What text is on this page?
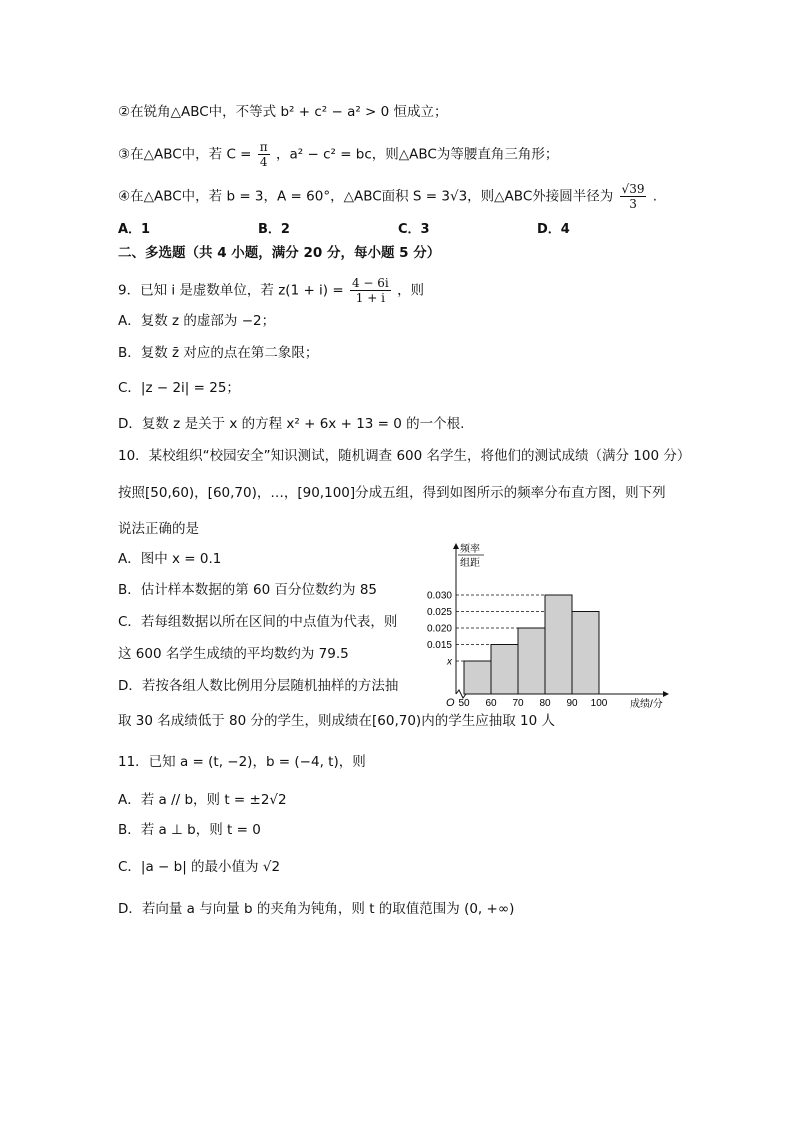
②在锐角△ABC中，不等式 b² + c² − a² > 0 恒成立；
③在△ABC中，若 $C = \frac{\pi}{4}$ ，a² − c² = bc，则△ABC为等腰直角三角形；
④在△ABC中，若 b = 3，A = 60°，△ABC面积 S = 3√3，则△ABC外接圆半径为 $\frac{√39}{3}$ .
A．1	B．2	C．3	D．4
二、多选题（共 4 小题，满分 20 分，每小题 5 分）
9．已知 i 是虚数单位，若 $z(1 + i) = \frac{4 - 6i}{1 + i}$ ，则
A．复数 z 的虚部为 −2；
B．复数 z̄ 对应的点在第二象限；
C．|z − 2i| = 25；
D．复数 z 是关于 x 的方程 x² + 6x + 13 = 0 的一个根.
10．某校组织“校园安全”知识测试，随机调查 600 名学生，将他们的测试成绩（满分 100 分）
按照[50,60)，[60,70)，…，[90,100]分成五组，得到如图所示的频率分布直方图，则下列
说法正确的是
A．图中 x = 0.1
B．估计样本数据的第 60 百分位数约为 85
C．若每组数据以所在区间的中点值为代表，则
这 600 名学生成绩的平均数约为 79.5
D．若按各组人数比例用分层随机抽样的方法抽
取 30 名成绩低于 80 分的学生，则成绩在[60,70)内的学生应抽取 10 人
x
0.015
0.020
0.025
0.030
50 60 70 80 90 100
频率
组距
成绩/分
O
11．已知 a = (t, −2)，b = (−4, t)，则
A．若 a // b，则 t = ±2√2
B．若 a ⊥ b，则 t = 0
C．|a − b| 的最小值为 √2
D．若向量 a 与向量 b 的夹角为钝角，则 t 的取值范围为 (0, +∞)
